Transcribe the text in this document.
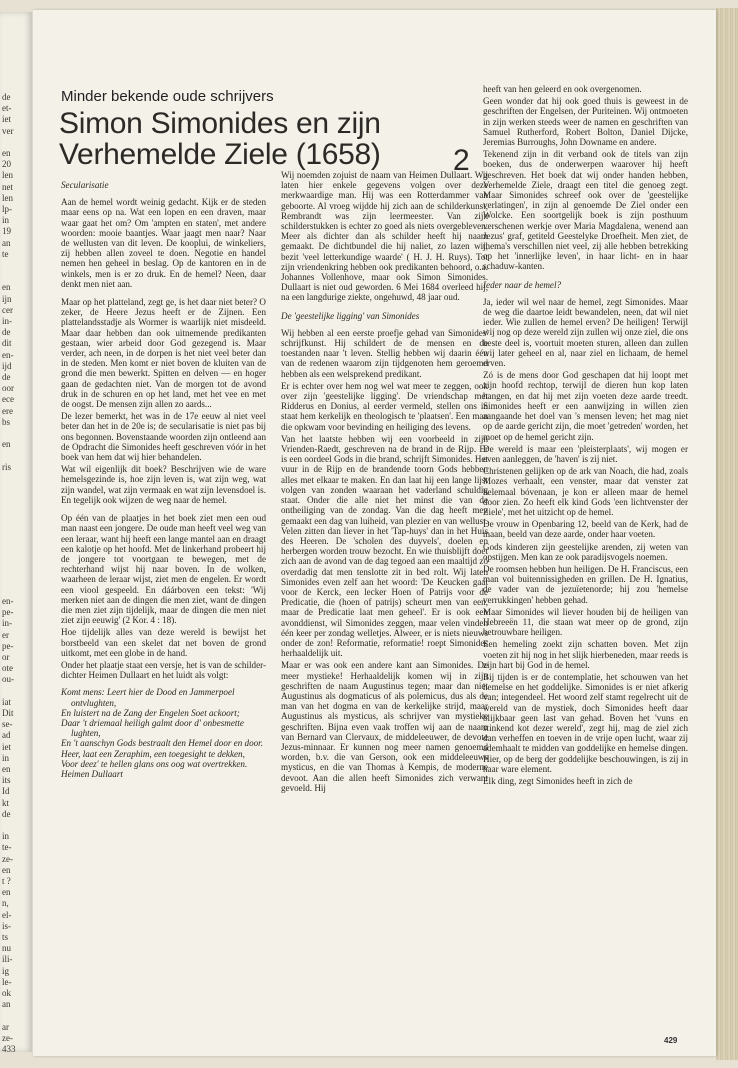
de
et-
iet
ver
en
20
len
net
len
lp-
in
19
an
te
en
ijn
cer
in-
de
dit
en-
ijd
de
oor
ece
ere
bs
en
ris
en-
pe-
in-
er
pe-
or
ote
ou-
iat
Dit
se-
ad
iet
in
en
its
Id
kt
de
in
te-
ze-
en
t ?
en
n,
el-
is-
ts
nu
ili-
ig
le-
ok
an
ar
ze-
433
Minder bekende oude schrijvers
Simon Simonides en zijn Verhemelde Ziele (1658)	2
Secularisatie

Aan de hemel wordt weinig gedacht. Kijk er de steden maar eens op na. Wat een lopen en een draven, maar waar gaat het om? Om 'ampten en staten', met andere woorden: mooie baantjes. Waar jaagt men naar? Naar de wellusten van dit leven. De kooplui, de winkeliers, zij hebben allen zoveel te doen. Negotie en handel nemen hen geheel in beslag. Op de kantoren en in de winkels, men is er zo druk. En de hemel? Neen, daar denkt men niet aan.

Maar op het platteland, zegt ge, is het daar niet beter? O zeker, de Heere Jezus heeft er de Zijnen. Een plattelandsstadje als Wormer is waarlijk niet misdeeld. Maar daar hebben dan ook uitnemende predikanten gestaan, wier arbeid door God gezegend is. Maar verder, ach neen, in de dorpen is het niet veel beter dan in de steden. Men komt er niet boven de kluiten van de grond die men bewerkt. Spitten en delven — en hoger gaan de gedachten niet. Van de morgen tot de avond druk in de schuren en op het land, met het vee en met de oogst. De mensen zijn allen zo aards...

De lezer bemerkt, het was in de 17e eeuw al niet veel beter dan het in de 20e is; de secularisatie is niet pas bij ons begonnen. Bovenstaande woorden zijn ontleend aan de Opdracht die Simonides heeft geschreven vóór in het boek van hem dat wij hier behandelen.

Wat wil eigenlijk dit boek? Beschrijven wie de ware hemelsgezinde is, hoe zijn leven is, wat zijn weg, wat zijn wandel, wat zijn vermaak en wat zijn levensdoel is. En tegelijk ook wijzen de weg naar de hemel.

Op één van de plaatjes in het boek ziet men een oud man naast een jongere. De oude man heeft veel weg van een leraar, want hij heeft een lange mantel aan en draagt een kalotje op het hoofd. Met de linkerhand probeert hij de jongere tot voortgaan te bewegen, met de rechterhand wijst hij naar boven. In de wolken, waarheen de leraar wijst, ziet men de engelen. Er wordt een viool gespeeld. En dáárboven een tekst: 'Wij merken niet aan de dingen die men ziet, want de dingen die men ziet zijn tijdelijk, maar de dingen die men niet ziet zijn eeuwig' (2 Kor. 4 : 18).

Hoe tijdelijk alles van deze wereld is bewijst het borstbeeld van een skelet dat net boven de grond uitkomt, met een globe in de hand.

Onder het plaatje staat een versje, het is van de schilder-dichter Heimen Dullaart en het luidt als volgt:

Komt mens: Leert hier de Dood en Jammerpoel ontvlughten,
En luistert na de Zang der Engelen Soet ackoort;
Daar 't driemaal heiligh galmt door d' onbesmette lughten,
En 't aanschyn Gods bestraalt den Hemel door en door.
Heer, laat een Zeraphim, een toegesight te dekken,
Voor deez' te hellen glans ons oog wat overtrekken.
Heimen Dullaart

Wij noemden zojuist de naam van Heimen Dullaart. Wij laten hier enkele gegevens volgen over deze merkwaardige man. Hij was een Rotterdammer van geboorte. Al vroeg wijdde hij zich aan de schilderkunst, Rembrandt was zijn leermeester. Van zijn schilderstukken is echter zo goed als niets overgebleven. Meer als dichter dan als schilder heeft hij naam gemaakt. De dichtbundel die hij naliet, zo lazen wij, bezit 'veel letterkundige waarde' ( H. J. H. Ruys). Tot zijn vriendenkring hebben ook predikanten behoord, o.a. Johannes Vollenhove, maar ook Simon Simonides. Dullaart is niet oud geworden. 6 Mei 1684 overleed hij, na een langdurige ziekte, ongehuwd, 48 jaar oud.

De 'geestelijke ligging' van Simonides

Wij hebben al een eerste proefje gehad van Simonides' schrijfkunst. Hij schildert de de mensen en de toestanden naar 't leven. Stellig hebben wij daarin één van de redenen waarom zijn tijdgenoten hem geroemd hebben als een welsprekend predikant.

Er is echter over hem nog wel wat meer te zeggen, ook over zijn 'geestelijke ligging'. De vriendschap met Ridderus en Donius, al eerder vermeld, stellen ons in staat hem kerkelijk en theologisch te 'plaatsen'. Een man die opkwam voor bevinding en heiliging des levens.

Van het laatste hebben wij een voorbeeld in zijn Vrienden-Raedt, geschreven na de brand in de Rijp. Er is een oordeel Gods in die brand, schrijft Simonides. Het vuur in de Rijp en de brandende toorn Gods hebben alles met elkaar te maken. En dan laat hij een lange lijst volgen van zonden waaraan het vaderland schuldig staat. Onder die alle niet het minst die van de ontheiliging van de zondag. Van die dag heeft men gemaakt een dag van luiheid, van plezier en van wellust. Velen zitten dan liever in het 'Tap-huys' dan in het Huis des Heeren. De 'scholen des duyvels', doelen en herbergen worden trouw bezocht. En wie thuisblijft doet zich aan de avond van de dag tegoed aan een maaltijd zó overdadig dat men tenslotte zit in bed rolt. Wij laten Simonides even zelf aan het woord: 'De Keucken gaat voor de Kerck, een lecker Hoen of Patrijs voor de Predicatie, die (hoen of patrijs) scheurt men van een, maar de Predicatie laat men geheel'. Er is ook een avonddienst, wil Simonides zeggen, maar velen vinden één keer per zondag welletjes. Alweer, er is niets nieuws onder de zon! Reformatie, reformatie! roept Simonides herhaaldelijk uit.

Maar er was ook een andere kant aan Simonides. De meer mystieke! Herhaaldelijk komen wij in zijn geschriften de naam Augustinus tegen; maar dan niet Augustinus als dogmaticus of als polemicus, dus als de man van het dogma en van de kerkelijke strijd, maar Augustinus als mysticus, als schrijver van mystieke geschriften. Bijna even vaak troffen wij aan de naam van Bernard van Clervaux, de middeleeuwer, de devote Jezus-minnaar. Er kunnen nog meer namen genoemd worden, b.v. die van Gerson, ook een middeleeuws mysticus, en die van Thomas à Kempis, de moderne devoot. Aan die allen heeft Simonides zich verwant gevoeld. Hij

heeft van hen geleerd en ook overgenomen.

Geen wonder dat hij ook goed thuis is geweest in de geschriften der Engelsen, der Puriteinen. Wij ontmoeten in zijn werken steeds weer de namen en geschriften van Samuel Rutherford, Robert Bolton, Daniel Dijcke, Jeremias Burroughs, John Downame en andere.

Tekenend zijn in dit verband ook de titels van zijn boeken, dus de onderwerpen waarover hij heeft geschreven. Het boek dat wij onder handen hebben, Verhemelde Ziele, draagt een titel die genoeg zegt. Maar Simonides schreef ook over de 'geestelijke verlatingen', in zijn al genoemde De Ziel onder een Wolcke. Een soortgelijk boek is zijn posthuum verschenen werkje over Maria Magdalena, wenend aan Jezus' graf, getiteld Geestelyke Droefheit. Men ziet, de thema's verschillen niet veel, zij alle hebben betrekking op het 'innerlijke leven', in haar licht- en in haar schaduw-kanten.

Ieder naar de hemel?

Ja, ieder wil wel naar de hemel, zegt Simonides. Maar de weg die daartoe leidt bewandelen, neen, dat wil niet ieder. Wie zullen de hemel erven? De heiligen! Terwijl wij nog op deze wereld zijn zullen wij onze ziel, die ons beste deel is, voortuit moeten sturen, alleen dan zullen wij later geheel en al, naar ziel en lichaam, de hemel erven.

Zó is de mens door God geschapen dat hij loopt met zijn hoofd rechtop, terwijl de dieren hun kop laten hangen, en dat hij met zijn voeten deze aarde treedt. Simonides heeft er een aanwijzing in willen zien aangaande het doel van 's mensen leven; het mag niet op de aarde gericht zijn, die moet 'getreden' worden, het moet op de hemel gericht zijn.

De wereld is maar een 'pleisterplaats', wij mogen er even aanleggen, de 'haven' is zij niet.

Christenen gelijken op de ark van Noach, die had, zoals Mozes verhaalt, een venster, maar dat venster zat helemaal bóvenaan, je kon er alleen maar de hemel door zien. Zo heeft elk kind Gods 'een lichtvenster der Ziele', met het uitzicht op de hemel.

De vrouw in Openbaring 12, beeld van de Kerk, had de maan, beeld van deze aarde, onder haar voeten.

Gods kinderen zijn geestelijke arenden, zij weten van opstijgen. Men kan ze ook paradijsvogels noemen.

De roomsen hebben hun heiligen. De H. Franciscus, een man vol buitennissigheden en grillen. De H. Ignatius, de vader van de jezuïetenorde; hij zou 'hemelse verrukkingen' hebben gehad.

Maar Simonides wil liever houden bij de heiligen van Hebreeën 11, die staan wat meer op de grond, zijn betrouwbare heiligen.

Een hemeling zoekt zijn schatten boven. Met zijn voeten zit hij nog in het slijk hierbeneden, maar reeds is zijn hart bij God in de hemel.

Bij tijden is er de contemplatie, het schouwen van het hemelse en het goddelijke. Simonides is er niet afkerig van; integendeel. Het woord zelf stamt regelrecht uit de wereld van de mystiek, doch Simonides heeft daar blijkbaar geen last van gehad. Boven het 'vuns en stinkend kot dezer wereld', zegt hij, mag de ziel zich dan verheffen en toeven in de vrije open lucht, waar zij ademhaalt te midden van goddelijke en hemelse dingen. Hier, op de berg der goddelijke beschouwingen, is zij in haar ware element.

Elk ding, zegt Simonides heeft in zich de

429
